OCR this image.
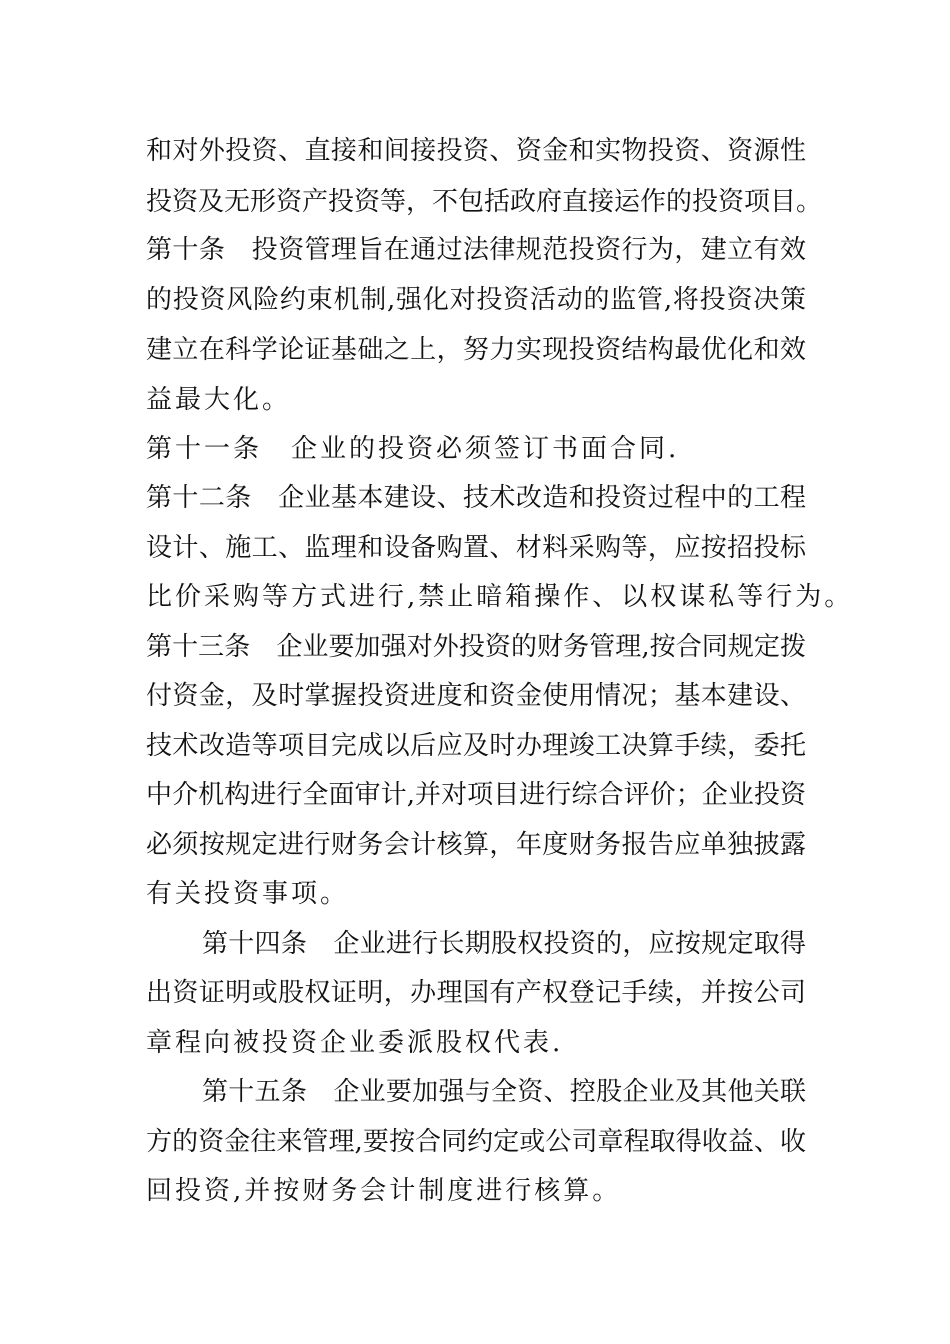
和对外投资、直接和间接投资、资金和实物投资、资源性

投资及无形资产投资等，不包括政府直接运作的投资项目。

第十条　投资管理旨在通过法律规范投资行为，建立有效

的投资风险约束机制,强化对投资活动的监管,将投资决策

建立在科学论证基础之上，努力实现投资结构最优化和效

益最大化。

第十一条　企业的投资必须签订书面合同.

第十二条　企业基本建设、技术改造和投资过程中的工程

设计、施工、监理和设备购置、材料采购等，应按招投标

比价采购等方式进行,禁止暗箱操作、以权谋私等行为。

第十三条　企业要加强对外投资的财务管理,按合同规定拨

付资金，及时掌握投资进度和资金使用情况；基本建设、

技术改造等项目完成以后应及时办理竣工决算手续，委托

中介机构进行全面审计,并对项目进行综合评价；企业投资

必须按规定进行财务会计核算，年度财务报告应单独披露

有关投资事项。

第十四条　企业进行长期股权投资的，应按规定取得

出资证明或股权证明，办理国有产权登记手续，并按公司

章程向被投资企业委派股权代表.

第十五条　企业要加强与全资、控股企业及其他关联

方的资金往来管理,要按合同约定或公司章程取得收益、收

回投资,并按财务会计制度进行核算。
